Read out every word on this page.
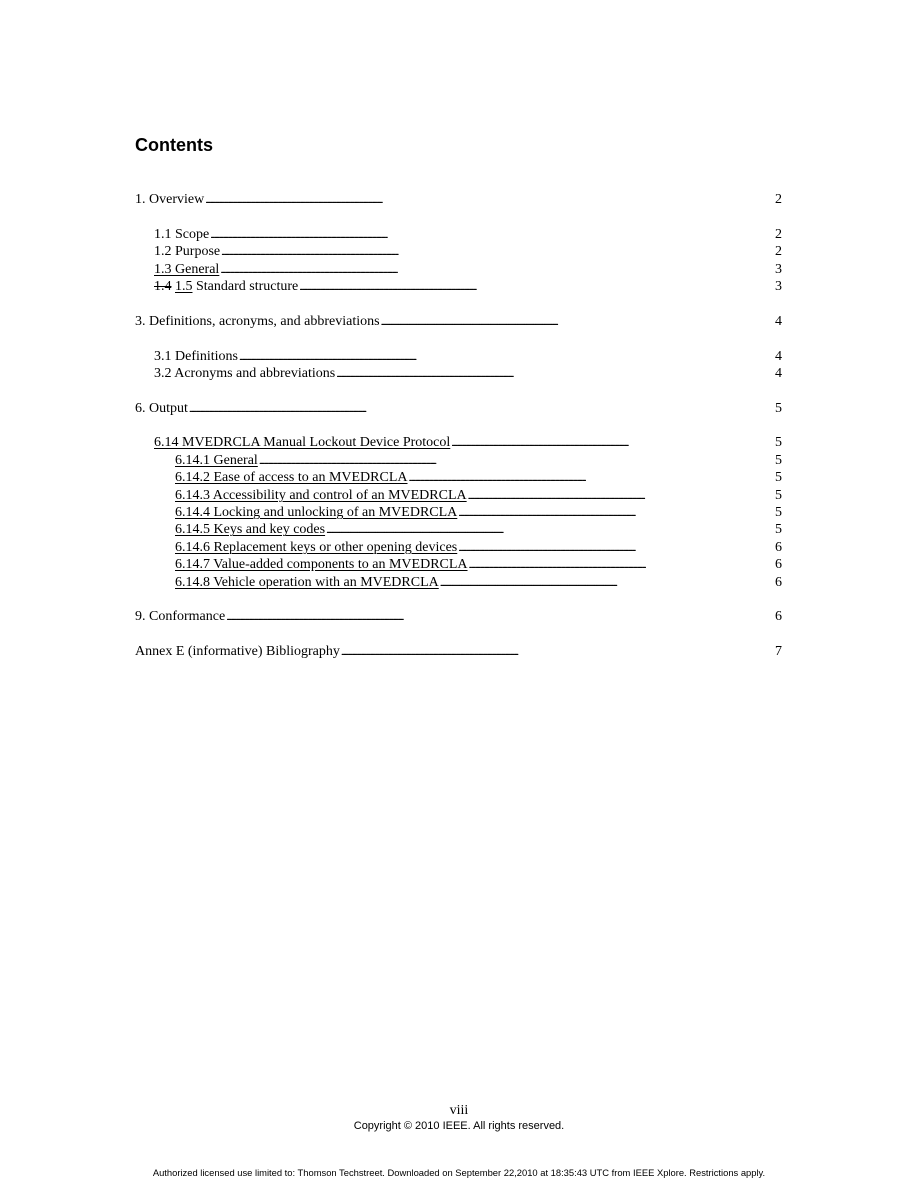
Contents
1. Overview . . .	2
1.1 Scope . . .	2
1.2 Purpose . . .	2
1.3 General . . .	3
1.4 1.5 Standard structure . . .	3
3. Definitions, acronyms, and abbreviations . . .	4
3.1 Definitions . . .	4
3.2 Acronyms and abbreviations . . .	4
6. Output . . .	5
6.14 MVEDRCLA Manual Lockout Device Protocol . . .	5
6.14.1 General . . .	5
6.14.2 Ease of access to an MVEDRCLA . . .	5
6.14.3 Accessibility and control of an MVEDRCLA . . .	5
6.14.4 Locking and unlocking of an MVEDRCLA . . .	5
6.14.5 Keys and key codes . . .	5
6.14.6 Replacement keys or other opening devices . . .	6
6.14.7 Value-added components to an MVEDRCLA . . .	6
6.14.8 Vehicle operation with an MVEDRCLA . . .	6
9. Conformance . . .	6
Annex E (informative) Bibliography . . .	7
viii
Copyright © 2010 IEEE. All rights reserved.
Authorized licensed use limited to: Thomson Techstreet. Downloaded on September 22,2010 at 18:35:43 UTC from IEEE Xplore. Restrictions apply.
